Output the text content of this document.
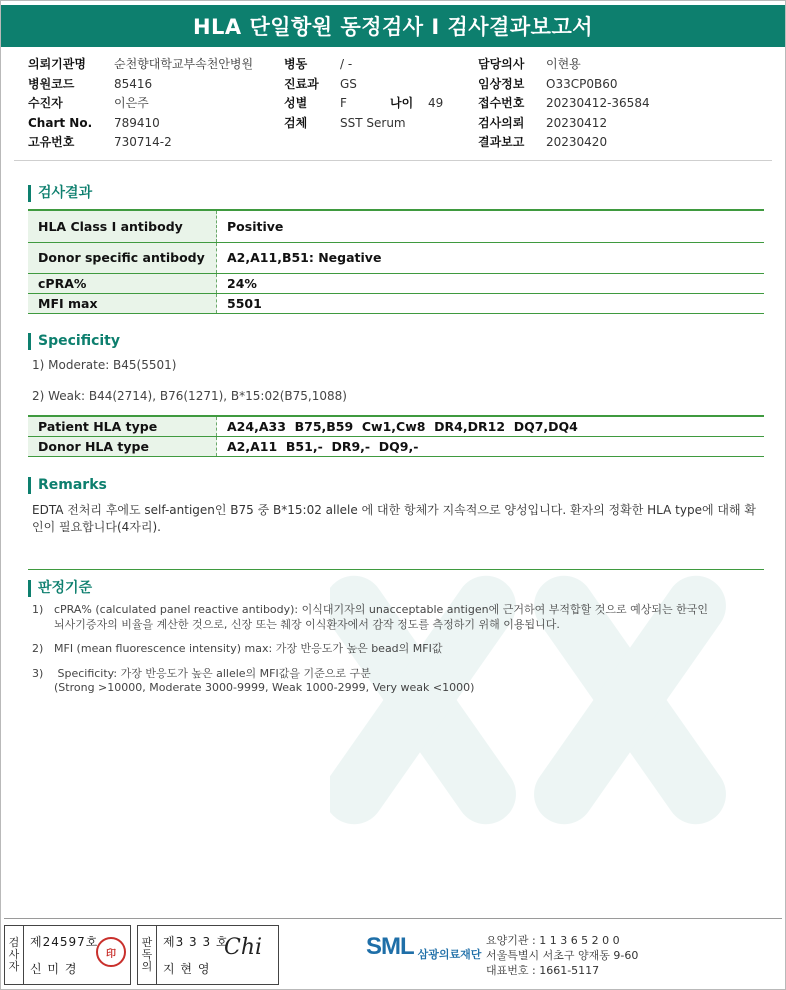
HLA 단일항원 동정검사 I 검사결과보고서
의뢰기관명	순천향대학교부속천안병원
병원코드	85416
수진자	이은주
Chart No.	789410
고유번호	730714-2
병동	/ -
진료과	GS
성별	F
검체	SST Serum
나이	49
담당의사	이현용
임상정보	O33CP0B60
접수번호	20230412-36584
검사의뢰	20230412
결과보고	20230420
검사결과
HLA Class I antibody	Positive
Donor specific antibody	A2,A11,B51: Negative
cPRA%	24%
MFI max	5501
Specificity
1) Moderate: B45(5501)
2) Weak: B44(2714), B76(1271), B*15:02(B75,1088)
Patient HLA type	A24,A33  B75,B59  Cw1,Cw8  DR4,DR12  DQ7,DQ4
Donor HLA type	A2,A11  B51,-  DR9,-  DQ9,-
Remarks
EDTA 전처리 후에도 self-antigen인 B75 중 B*15:02 allele 에 대한 항체가 지속적으로 양성입니다. 환자의 정확한 HLA type에 대해 확인이 필요합니다(4자리).
판정기준
1) cPRA% (calculated panel reactive antibody): 이식대기자의 unacceptable antigen에 근거하여 부적합할 것으로 예상되는 한국인
뇌사기증자의 비율을 계산한 것으로, 신장 또는 췌장 이식환자에서 감작 정도를 측정하기 위해 이용됩니다.
2) MFI (mean fluorescence intensity) max: 가장 반응도가 높은 bead의 MFI값
3) Specificity: 가장 반응도가 높은 allele의 MFI값을 기준으로 구분
(Strong >10000, Moderate 3000-9999, Weak 1000-2999, Very weak <1000)
검
사
자
제24597호
신 미 경
印
판
독
의
제3 3 3 호
지 현 영
Chi	SML 삼광의료재단
요양기관 : 1 1 3 6 5 2 0 0
서울특별시 서초구 양재동 9-60
대표번호 : 1661-5117
